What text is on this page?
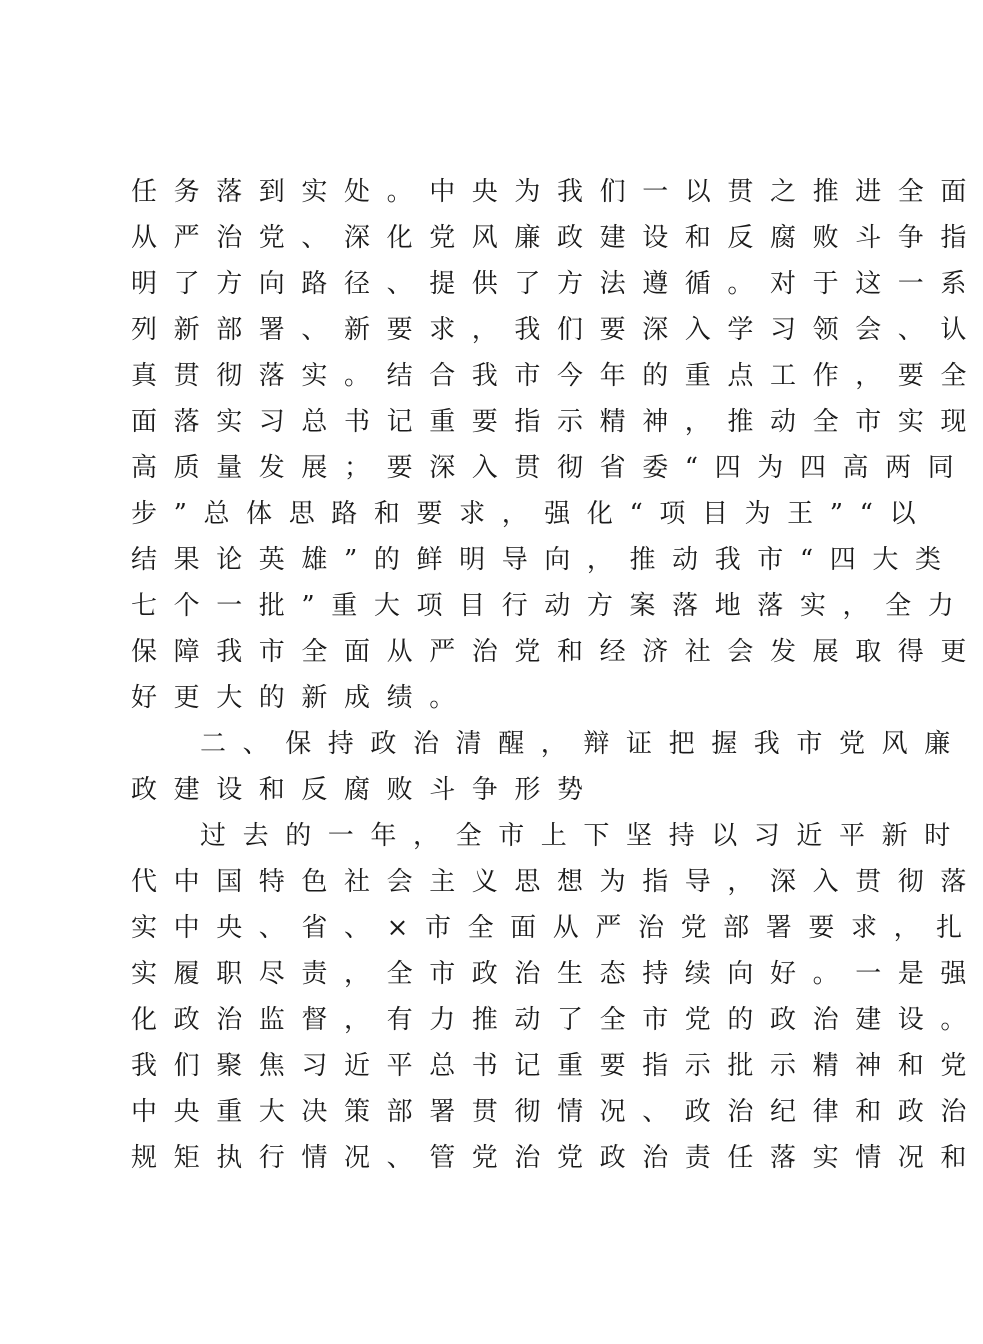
任务落到实处。中央为我们一以贯之推进全面
从严治党、深化党风廉政建设和反腐败斗争指
明了方向路径、提供了方法遵循。对于这一系
列新部署、新要求，我们要深入学习领会、认
真贯彻落实。结合我市今年的重点工作，要全
面落实习总书记重要指示精神，推动全市实现
高质量发展；要深入贯彻省委“四为四高两同
步”总体思路和要求，强化“项目为王”“以
结果论英雄”的鲜明导向，推动我市“四大类
七个一批”重大项目行动方案落地落实，全力
保障我市全面从严治党和经济社会发展取得更
好更大的新成绩。
二、保持政治清醒，辩证把握我市党风廉
政建设和反腐败斗争形势
过去的一年，全市上下坚持以习近平新时
代中国特色社会主义思想为指导，深入贯彻落
实中央、省、×市全面从严治党部署要求，扎
实履职尽责，全市政治生态持续向好。一是强
化政治监督，有力推动了全市党的政治建设。
我们聚焦习近平总书记重要指示批示精神和党
中央重大决策部署贯彻情况、政治纪律和政治
规矩执行情况、管党治党政治责任落实情况和
